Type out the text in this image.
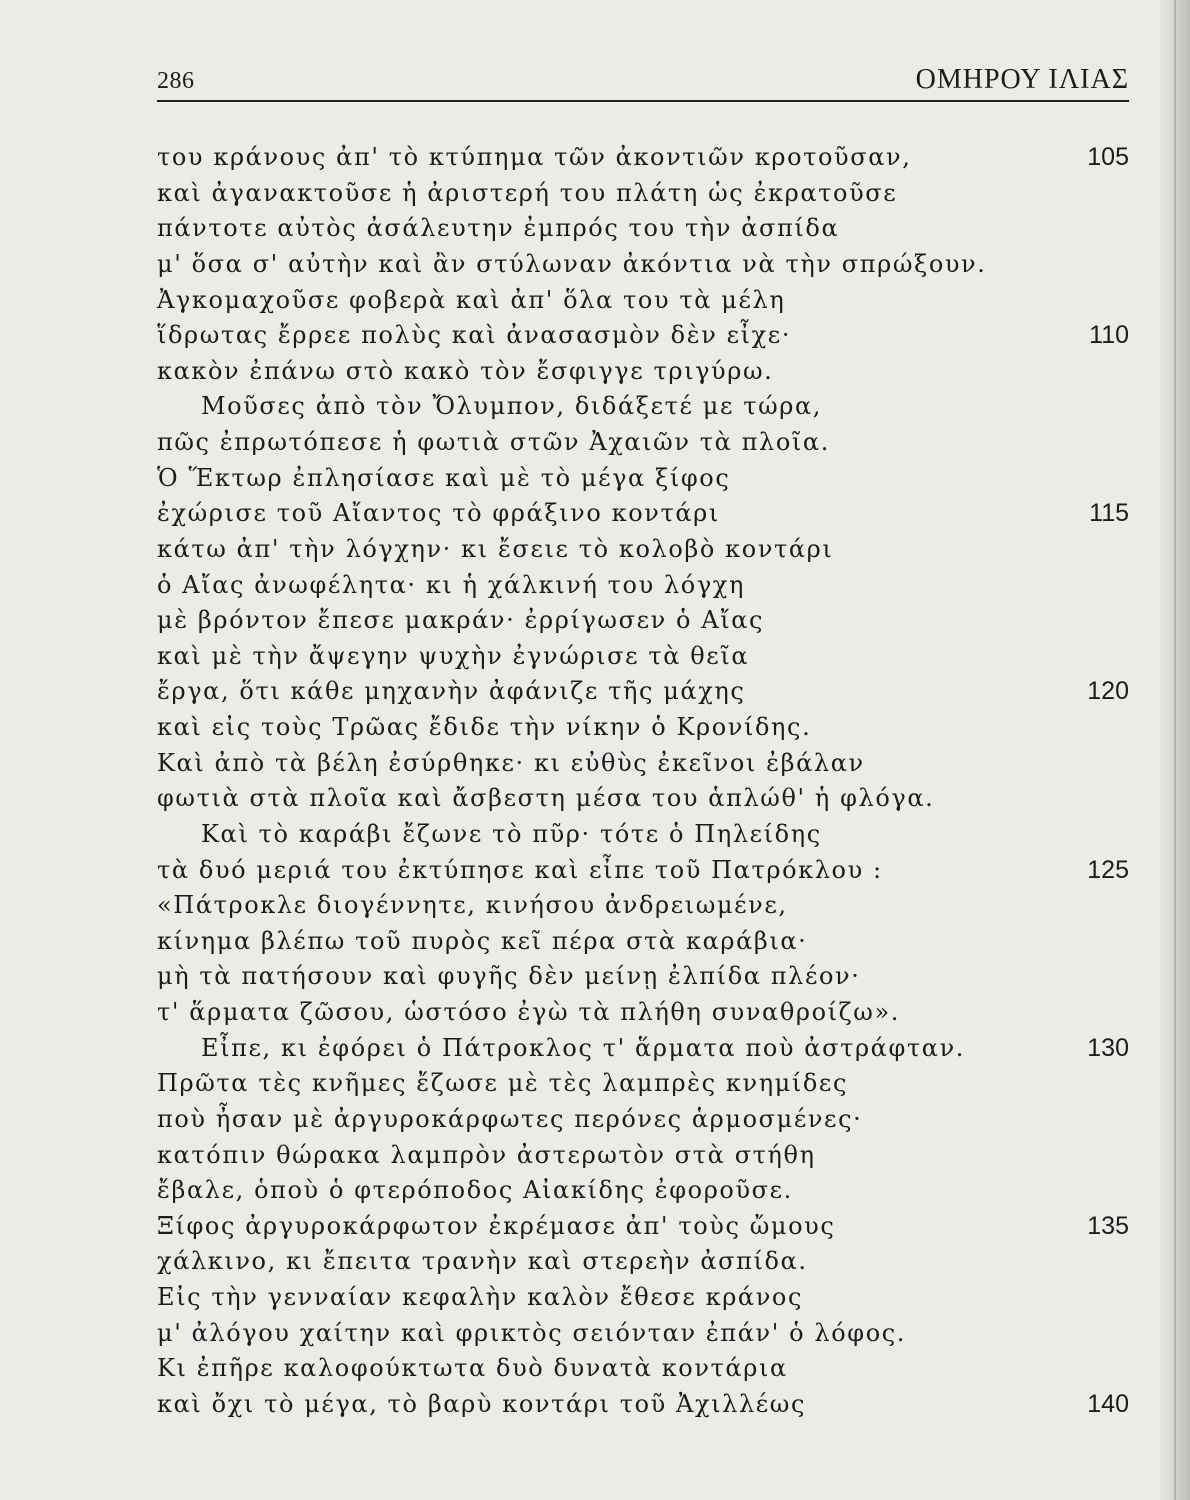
286	ΟΜΗΡΟΥ ΙΛΙΑΣ
του κράνους ἀπ' τὸ κτύπημα τῶν ἀκοντιῶν κροτοῦσαν,	105
καὶ ἀγανακτοῦσε ἡ ἀριστερή του πλάτη ὡς ἐκρατοῦσε
πάντοτε αὐτὸς ἀσάλευτην ἐμπρός του τὴν ἀσπίδα
μ' ὅσα σ' αὐτὴν καὶ ἂν στύλωναν ἀκόντια νὰ τὴν σπρώξουν.
Ἀγκομαχοῦσε φοβερὰ καὶ ἀπ' ὅλα του τὰ μέλη
ἵδρωτας ἔρρεε πολὺς καὶ ἀνασασμὸν δὲν εἶχε·	110
κακὸν ἐπάνω στὸ κακὸ τὸν ἔσφιγγε τριγύρω.
Μοῦσες ἀπὸ τὸν Ὄλυμπον, διδάξετέ με τώρα,
πῶς ἐπρωτόπεσε ἡ φωτιὰ στῶν Ἀχαιῶν τὰ πλοῖα.
Ὁ Ἕκτωρ ἐπλησίασε καὶ μὲ τὸ μέγα ξίφος
ἐχώρισε τοῦ Αἴαντος τὸ φράξινο κοντάρι	115
κάτω ἀπ' τὴν λόγχην· κι ἔσειε τὸ κολοβὸ κοντάρι
ὁ Αἴας ἀνωφέλητα· κι ἡ χάλκινή του λόγχη
μὲ βρόντον ἔπεσε μακράν· ἐρρίγωσεν ὁ Αἴας
καὶ μὲ τὴν ἄψεγην ψυχὴν ἐγνώρισε τὰ θεῖα
ἔργα, ὅτι κάθε μηχανὴν ἀφάνιζε τῆς μάχης	120
καὶ εἰς τοὺς Τρῶας ἔδιδε τὴν νίκην ὁ Κρονίδης.
Καὶ ἀπὸ τὰ βέλη ἐσύρθηκε· κι εὐθὺς ἐκεῖνοι ἐβάλαν
φωτιὰ στὰ πλοῖα καὶ ἄσβεστη μέσα του ἁπλώθ' ἡ φλόγα.
Καὶ τὸ καράβι ἔζωνε τὸ πῦρ· τότε ὁ Πηλείδης
τὰ δυό μεριά του ἐκτύπησε καὶ εἶπε τοῦ Πατρόκλου :	125
«Πάτροκλε διογέννητε, κινήσου ἀνδρειωμένε,
κίνημα βλέπω τοῦ πυρὸς κεῖ πέρα στὰ καράβια·
μὴ τὰ πατήσουν καὶ φυγῆς δὲν μείνῃ ἐλπίδα πλέον·
τ' ἅρματα ζῶσου, ὡστόσο ἐγὼ τὰ πλήθη συναθροίζω».
Εἶπε, κι ἐφόρει ὁ Πάτροκλος τ' ἅρματα ποὺ ἀστράφταν.	130
Πρῶτα τὲς κνῆμες ἔζωσε μὲ τὲς λαμπρὲς κνημίδες
ποὺ ἦσαν μὲ ἀργυροκάρφωτες περόνες ἁρμοσμένες·
κατόπιν θώρακα λαμπρὸν ἀστερωτὸν στὰ στήθη
ἔβαλε, ὁποὺ ὁ φτερόποδος Αἰακίδης ἐφοροῦσε.
Ξίφος ἀργυροκάρφωτον ἐκρέμασε ἀπ' τοὺς ὤμους	135
χάλκινο, κι ἔπειτα τρανὴν καὶ στερεὴν ἀσπίδα.
Εἰς τὴν γενναίαν κεφαλὴν καλὸν ἔθεσε κράνος
μ' ἀλόγου χαίτην καὶ φρικτὸς σειόνταν ἐπάν' ὁ λόφος.
Κι ἐπῆρε καλοφούκτωτα δυὸ δυνατὰ κοντάρια
καὶ ὄχι τὸ μέγα, τὸ βαρὺ κοντάρι τοῦ Ἀχιλλέως	140
